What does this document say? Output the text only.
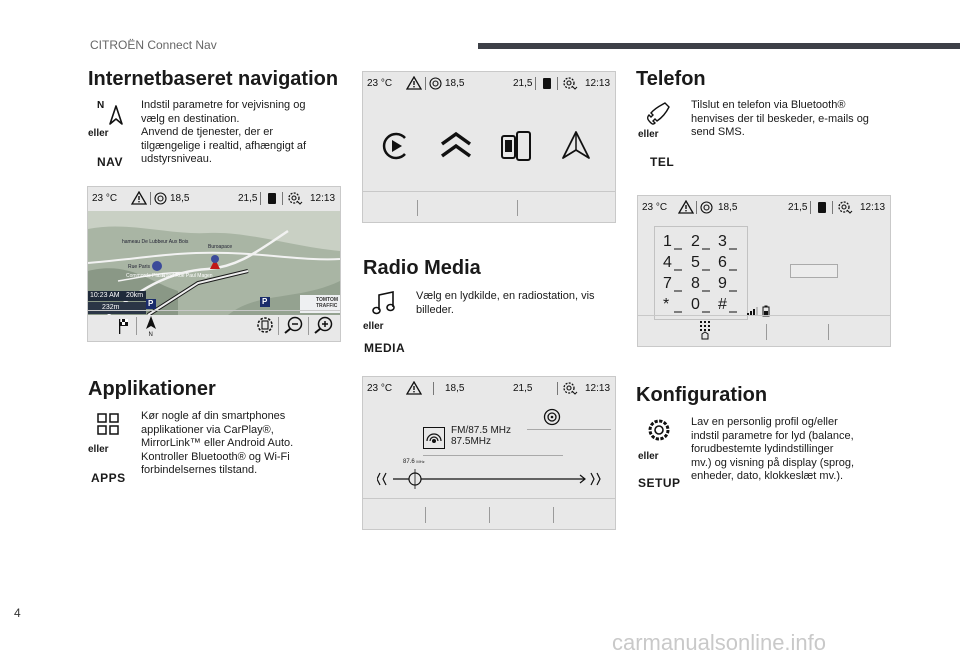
CITROËN Connect Nav
Internetbaseret navigation
N
eller
NAV
Indstil parametre for vejvisning og
vælg en destination.
Anvend de tjenester, der er
tilgængelige i realtid, afhængigt af
udstyrsniveau.
23 °C	18,5	21,5	12:13
hameau De Lubbeur Aux Bois
Buroapace
Rue Paris
Commorde Plasa
Rond Rue Paul Magen
10:23 AM 20km
232m	P	P	TOMTOM
TRAFFIC
N
Applikationer
eller
APPS
Kør nogle af din smartphones
applikationer via CarPlay®,
MirrorLink™ eller Android Auto.
Kontroller Bluetooth® og Wi-Fi
forbindelsernes tilstand.
23 °C	18,5	21,5	12:13
Radio Media
eller
MEDIA
Vælg en lydkilde, en radiostation, vis
billeder.
23 °C	18,5	21,5	12:13
FM/87.5 MHz
87.5MHz
87.6 MHz
Telefon
eller
TEL
Tilslut en telefon via Bluetooth®
henvises der til beskeder, e-mails og
send SMS.
23 °C	18,5	21,5	12:13
1 2 3
4 5 6
7 8 9
* 0 #
Konfiguration
eller
SETUP
Lav en personlig profil og/eller
indstil parametre for lyd (balance,
forudbestemte lydindstillinger
mv.) og visning på display (sprog,
enheder, dato, klokkeslæt mv.).
4
carmanualsonline.info
